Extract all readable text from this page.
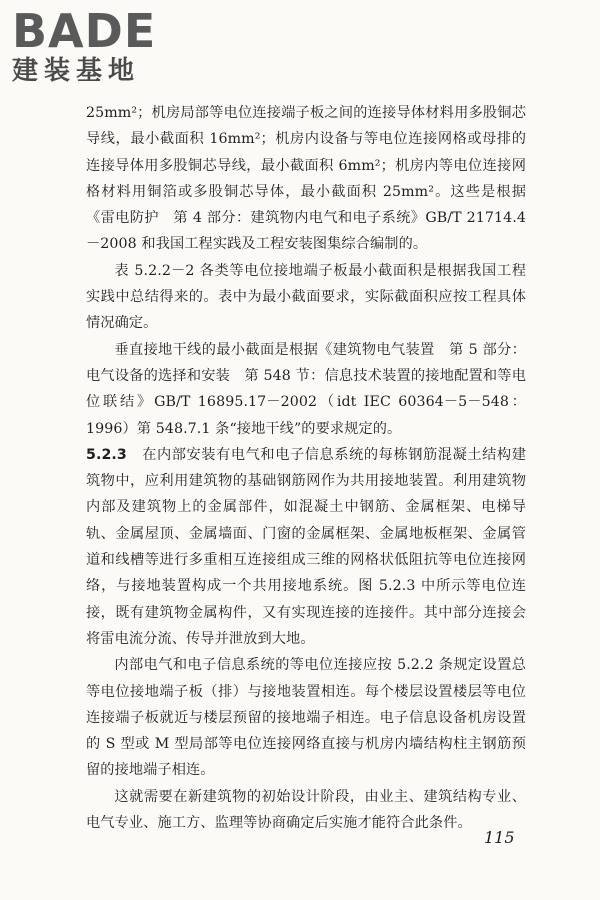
BADE
建装基地

25mm²；机房局部等电位连接端子板之间的连接导体材料用多股铜芯导线，最小截面积 16mm²；机房内设备与等电位连接网格或母排的连接导体用多股铜芯导线，最小截面积 6mm²；机房内等电位连接网格材料用铜箔或多股铜芯导体，最小截面积 25mm²。这些是根据《雷电防护　第 4 部分：建筑物内电气和电子系统》GB/T 21714.4－2008 和我国工程实践及工程安装图集综合编制的。

表 5.2.2－2 各类等电位接地端子板最小截面积是根据我国工程实践中总结得来的。表中为最小截面要求，实际截面积应按工程具体情况确定。

垂直接地干线的最小截面是根据《建筑物电气装置　第 5 部分：电气设备的选择和安装　第 548 节：信息技术装置的接地配置和等电位联结》GB/T 16895.17－2002（idt IEC 60364－5－548：1996）第 548.7.1 条“接地干线”的要求规定的。

5.2.3　 在内部安装有电气和电子信息系统的每栋钢筋混凝土结构建筑物中，应利用建筑物的基础钢筋网作为共用接地装置。利用建筑物内部及建筑物上的金属部件，如混凝土中钢筋、金属框架、电梯导轨、金属屋顶、金属墙面、门窗的金属框架、金属地板框架、金属管道和线槽等进行多重相互连接组成三维的网格状低阻抗等电位连接网络，与接地装置构成一个共用接地系统。图 5.2.3 中所示等电位连接，既有建筑物金属构件，又有实现连接的连接件。其中部分连接会将雷电流分流、传导并泄放到大地。

内部电气和电子信息系统的等电位连接应按 5.2.2 条规定设置总等电位接地端子板（排）与接地装置相连。每个楼层设置楼层等电位连接端子板就近与楼层预留的接地端子相连。电子信息设备机房设置的 S 型或 M 型局部等电位连接网络直接与机房内墙结构柱主钢筋预留的接地端子相连。

这就需要在新建筑物的初始设计阶段，由业主、建筑结构专业、电气专业、施工方、监理等协商确定后实施才能符合此条件。

115
